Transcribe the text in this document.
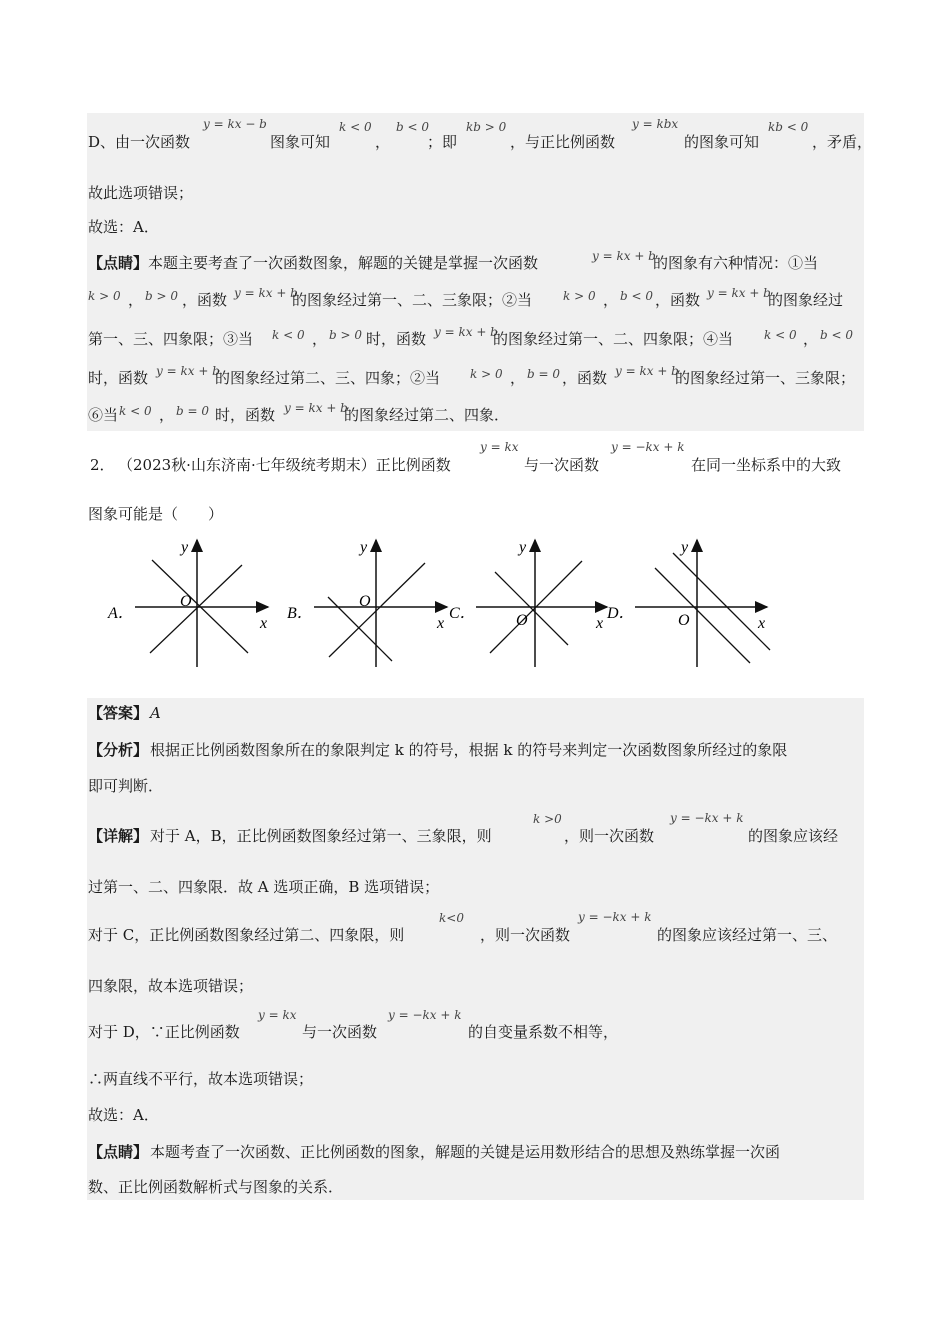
D、由一次函数
y = kx − b
图象可知
k < 0
，
b < 0
；即
kb > 0
，与正比例函数
y = kbx
的图象可知
kb < 0
，矛盾，
故此选项错误；
故选：A．
【点睛】 本题主要考查了一次函数图象，解题的关键是掌握一次函数	y = kx + b
的图象有六种情况：①当
k > 0 ， b > 0 ，函数 y = kx + b
的图象经过第一、二、三象限；②当	k > 0 ， b < 0 ，函数 y = kx + b
的图象经过
第一、三、四象限；③当 k < 0 ， b > 0 时，函数 y = kx + b
的图象经过第一、二、四象限；④当	k < 0 ， b < 0
时，函数 y = kx + b
的图象经过第二、三、四象；②当 k > 0 ， b = 0 ，函数 y = kx + b
的图象经过第一、三象限；
⑥当 k < 0 ， b = 0 时，函数 y = kx + b
的图象经过第二、四象．
2． （2023秋·山东济南·七年级统考期末）正比例函数
y = kx
与一次函数
y = −kx + k
在同一坐标系中的大致
图象可能是（　　）
A．
y
O
x
B．
y
O
x
C．
y
O	x
D．
y
O	x
【答案】 A
【分析】 根据正比例函数图象所在的象限判定 k 的符号，根据 k 的符号来判定一次函数图象所经过的象限
即可判断．
【详解】 对于 A，B，正比例函数图象经过第一、三象限，则
k >0
，则一次函数
y = −kx + k
的图象应该经
过第一、二、四象限．故 A 选项正确，B 选项错误；
对于 C，正比例函数图象经过第二、四象限，则
k<0
，则一次函数
y = −kx + k
的图象应该经过第一、三、
四象限，故本选项错误；
对于 D，∵正比例函数
y = kx
与一次函数
y = −kx + k
的自变量系数不相等，
∴两直线不平行，故本选项错误；
故选：A．
【点睛】 本题考查了一次函数、正比例函数的图象，解题的关键是运用数形结合的思想及熟练掌握一次函
数、正比例函数解析式与图象的关系．
